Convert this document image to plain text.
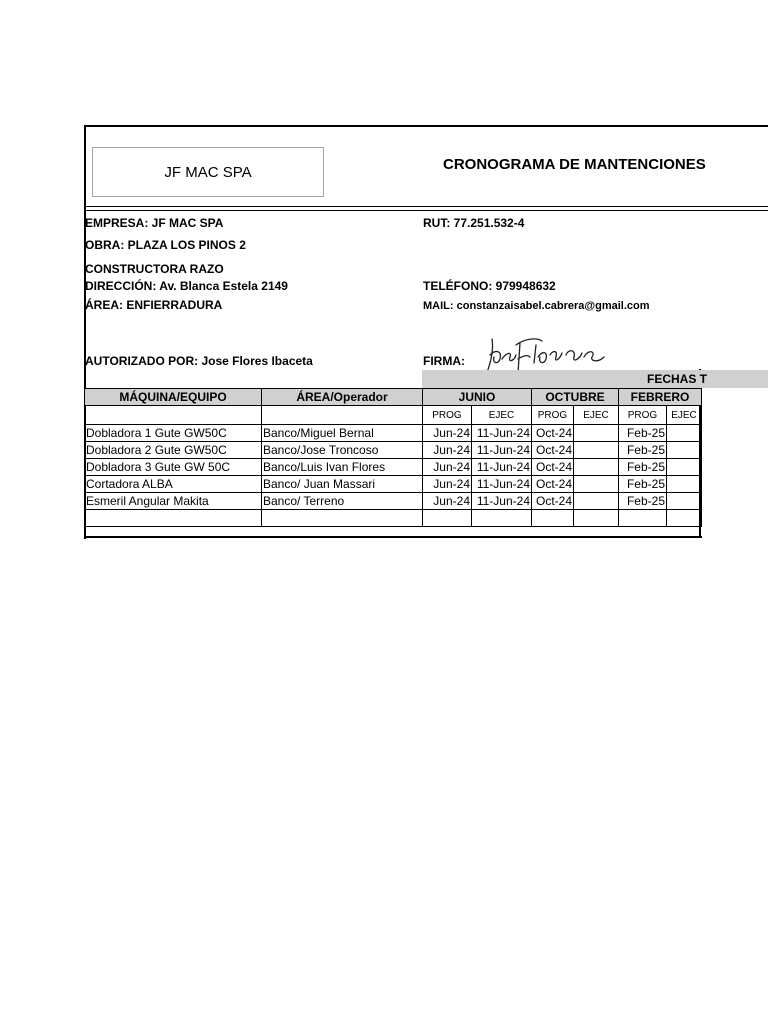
JF MAC SPA	CRONOGRAMA DE MANTENCIONES
EMPRESA: JF MAC SPA	RUT: 77.251.532-4
OBRA: PLAZA LOS PINOS 2
CONSTRUCTORA RAZO
DIRECCIÓN: Av. Blanca Estela 2149	TELÉFONO: 979948632
ÁREA: ENFIERRADURA	MAIL: constanzaisabel.cabrera@gmail.com
AUTORIZADO POR: Jose Flores Ibaceta	FIRMA:
FECHAS T
MÁQUINA/EQUIPO	ÁREA/Operador	JUNIO		OCTUBRE		FEBRERO	
		PROG	EJEC	PROG	EJEC	PROG	EJEC
Dobladora 1 Gute GW50C	Banco/Miguel Bernal	Jun-24	11-Jun-24	Oct-24		Feb-25	
Dobladora 2 Gute GW50C	Banco/Jose Troncoso	Jun-24	11-Jun-24	Oct-24		Feb-25	
Dobladora 3 Gute GW 50C	Banco/Luis Ivan Flores	Jun-24	11-Jun-24	Oct-24		Feb-25	
Cortadora ALBA	Banco/ Juan Massari	Jun-24	11-Jun-24	Oct-24		Feb-25	
Esmeril Angular Makita	Banco/ Terreno	Jun-24	11-Jun-24	Oct-24		Feb-25	
